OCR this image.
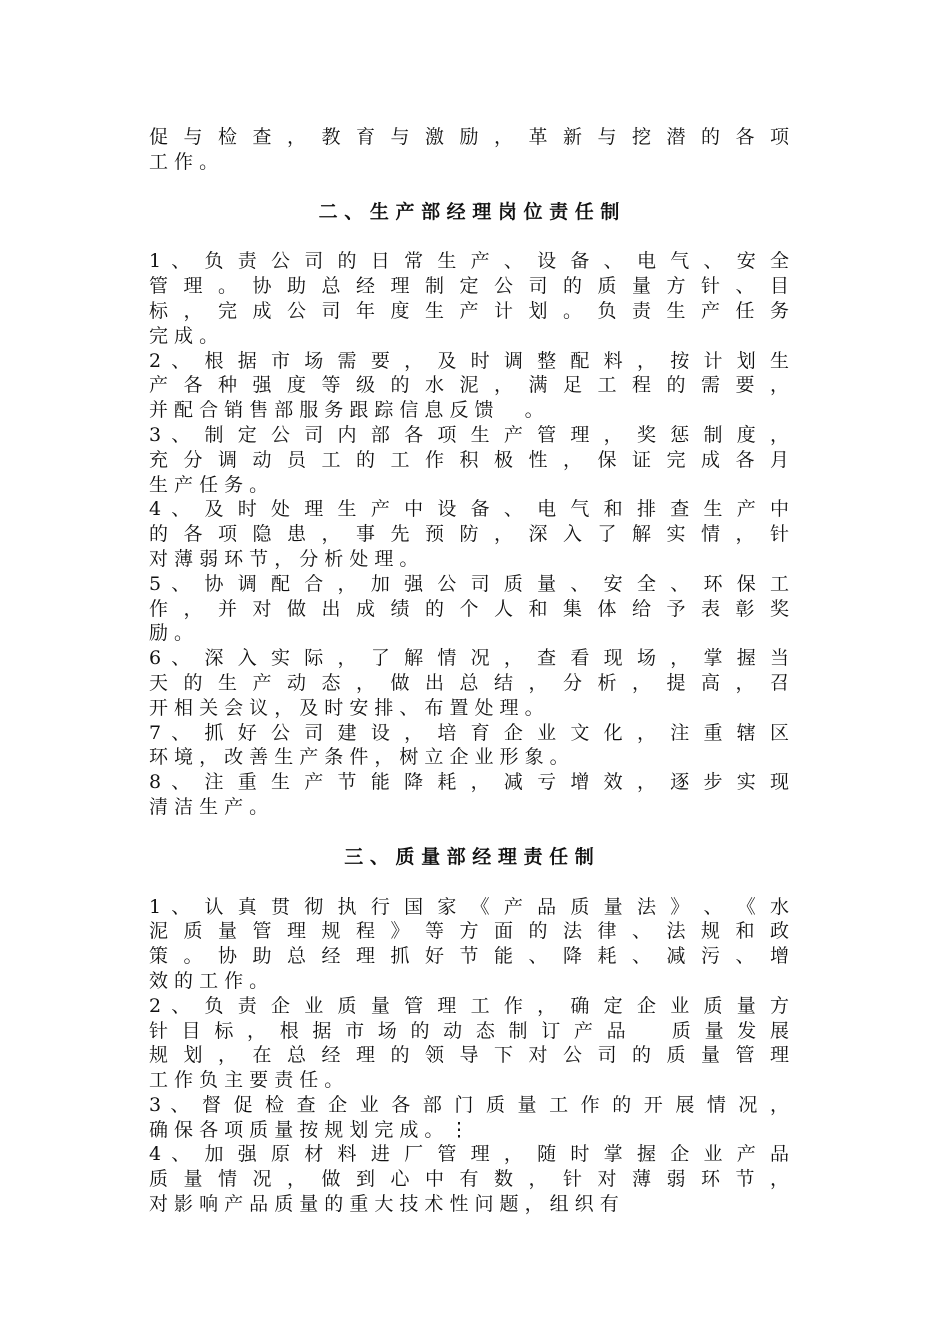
促 与 检 查 ， 教 育 与 激 励 ， 革 新 与 挖 潜 的 各 项
工 作 。
二 、 生 产 部 经 理 岗 位 责 任 制
1 、 负 责 公 司 的 日 常 生 产 、 设 备 、 电 气 、 安 全
管 理 。 协 助 总 经 理 制 定 公 司 的 质 量 方 针 、 目
标 ， 完 成 公 司 年 度 生 产 计 划 。 负 责 生 产 任 务
完 成 。
2 、 根 据 市 场 需 要 ， 及 时 调 整 配 料 ， 按 计 划 生
产 各 种 强 度 等 级 的 水 泥 ， 满 足 工 程 的 需 要 ，
并 配 合 销 售 部 服 务 跟 踪 信 息 反 馈 　 。
3 、 制 定 公 司 内 部 各 项 生 产 管 理 ， 奖 惩 制 度 ，
充 分 调 动 员 工 的 工 作 积 极 性 ， 保 证 完 成 各 月
生 产 任 务 。
4 、 及 时 处 理 生 产 中 设 备 、 电 气 和 排 查 生 产 中
的 各 项 隐 患 ， 事 先 预 防 ， 深 入 了 解 实 情 ， 针
对 薄 弱 环 节 ， 分 析 处 理 。
5 、 协 调 配 合 ， 加 强 公 司 质 量 、 安 全 、 环 保 工
作 ， 并 对 做 出 成 绩 的 个 人 和 集 体 给 予 表 彰 奖
励 。
6 、 深 入 实 际 ， 了 解 情 况 ， 查 看 现 场 ， 掌 握 当
天 的 生 产 动 态 ， 做 出 总 结 ， 分 析 ， 提 高 ， 召
开 相 关 会 议 ， 及 时 安 排 、 布 置 处 理 。
7 、 抓 好 公 司 建 设 ， 培 育 企 业 文 化 ， 注 重 辖 区
环 境 ， 改 善 生 产 条 件 ， 树 立 企 业 形 象 。
8 、 注 重 生 产 节 能 降 耗 ， 减 亏 增 效 ， 逐 步 实 现
清 洁 生 产 。
三 、 质 量 部 经 理 责 任 制
1 、 认 真 贯 彻 执 行 国 家 《 产 品 质 量 法 》 、 《 水
泥 质 量 管 理 规 程 》 等 方 面 的 法 律 、 法 规 和 政
策 。 协 助 总 经 理 抓 好 节 能 、 降 耗 、 减 污 、 增
效 的 工 作 。
2 、 负 责 企 业 质 量 管 理 工 作 ， 确 定 企 业 质 量 方
针 目 标 ， 根 据 市 场 的 动 态 制 订 产 品 　 质 量 发 展
规 划 ， 在 总 经 理 的 领 导 下 对 公 司 的 质 量 管 理
工 作 负 主 要 责 任 。
3 、 督 促 检 查 企 业 各 部 门 质 量 工 作 的 开 展 情 况 ，
确 保 各 项 质 量 按 规 划 完 成 。 ⋮
4 、 加 强 原 材 料 进 厂 管 理 ， 随 时 掌 握 企 业 产 品
质 量 情 况 ， 做 到 心 中 有 数 ， 针 对 薄 弱 环 节 ，
对 影 响 产 品 质 量 的 重 大 技 术 性 问 题 ， 组 织 有
